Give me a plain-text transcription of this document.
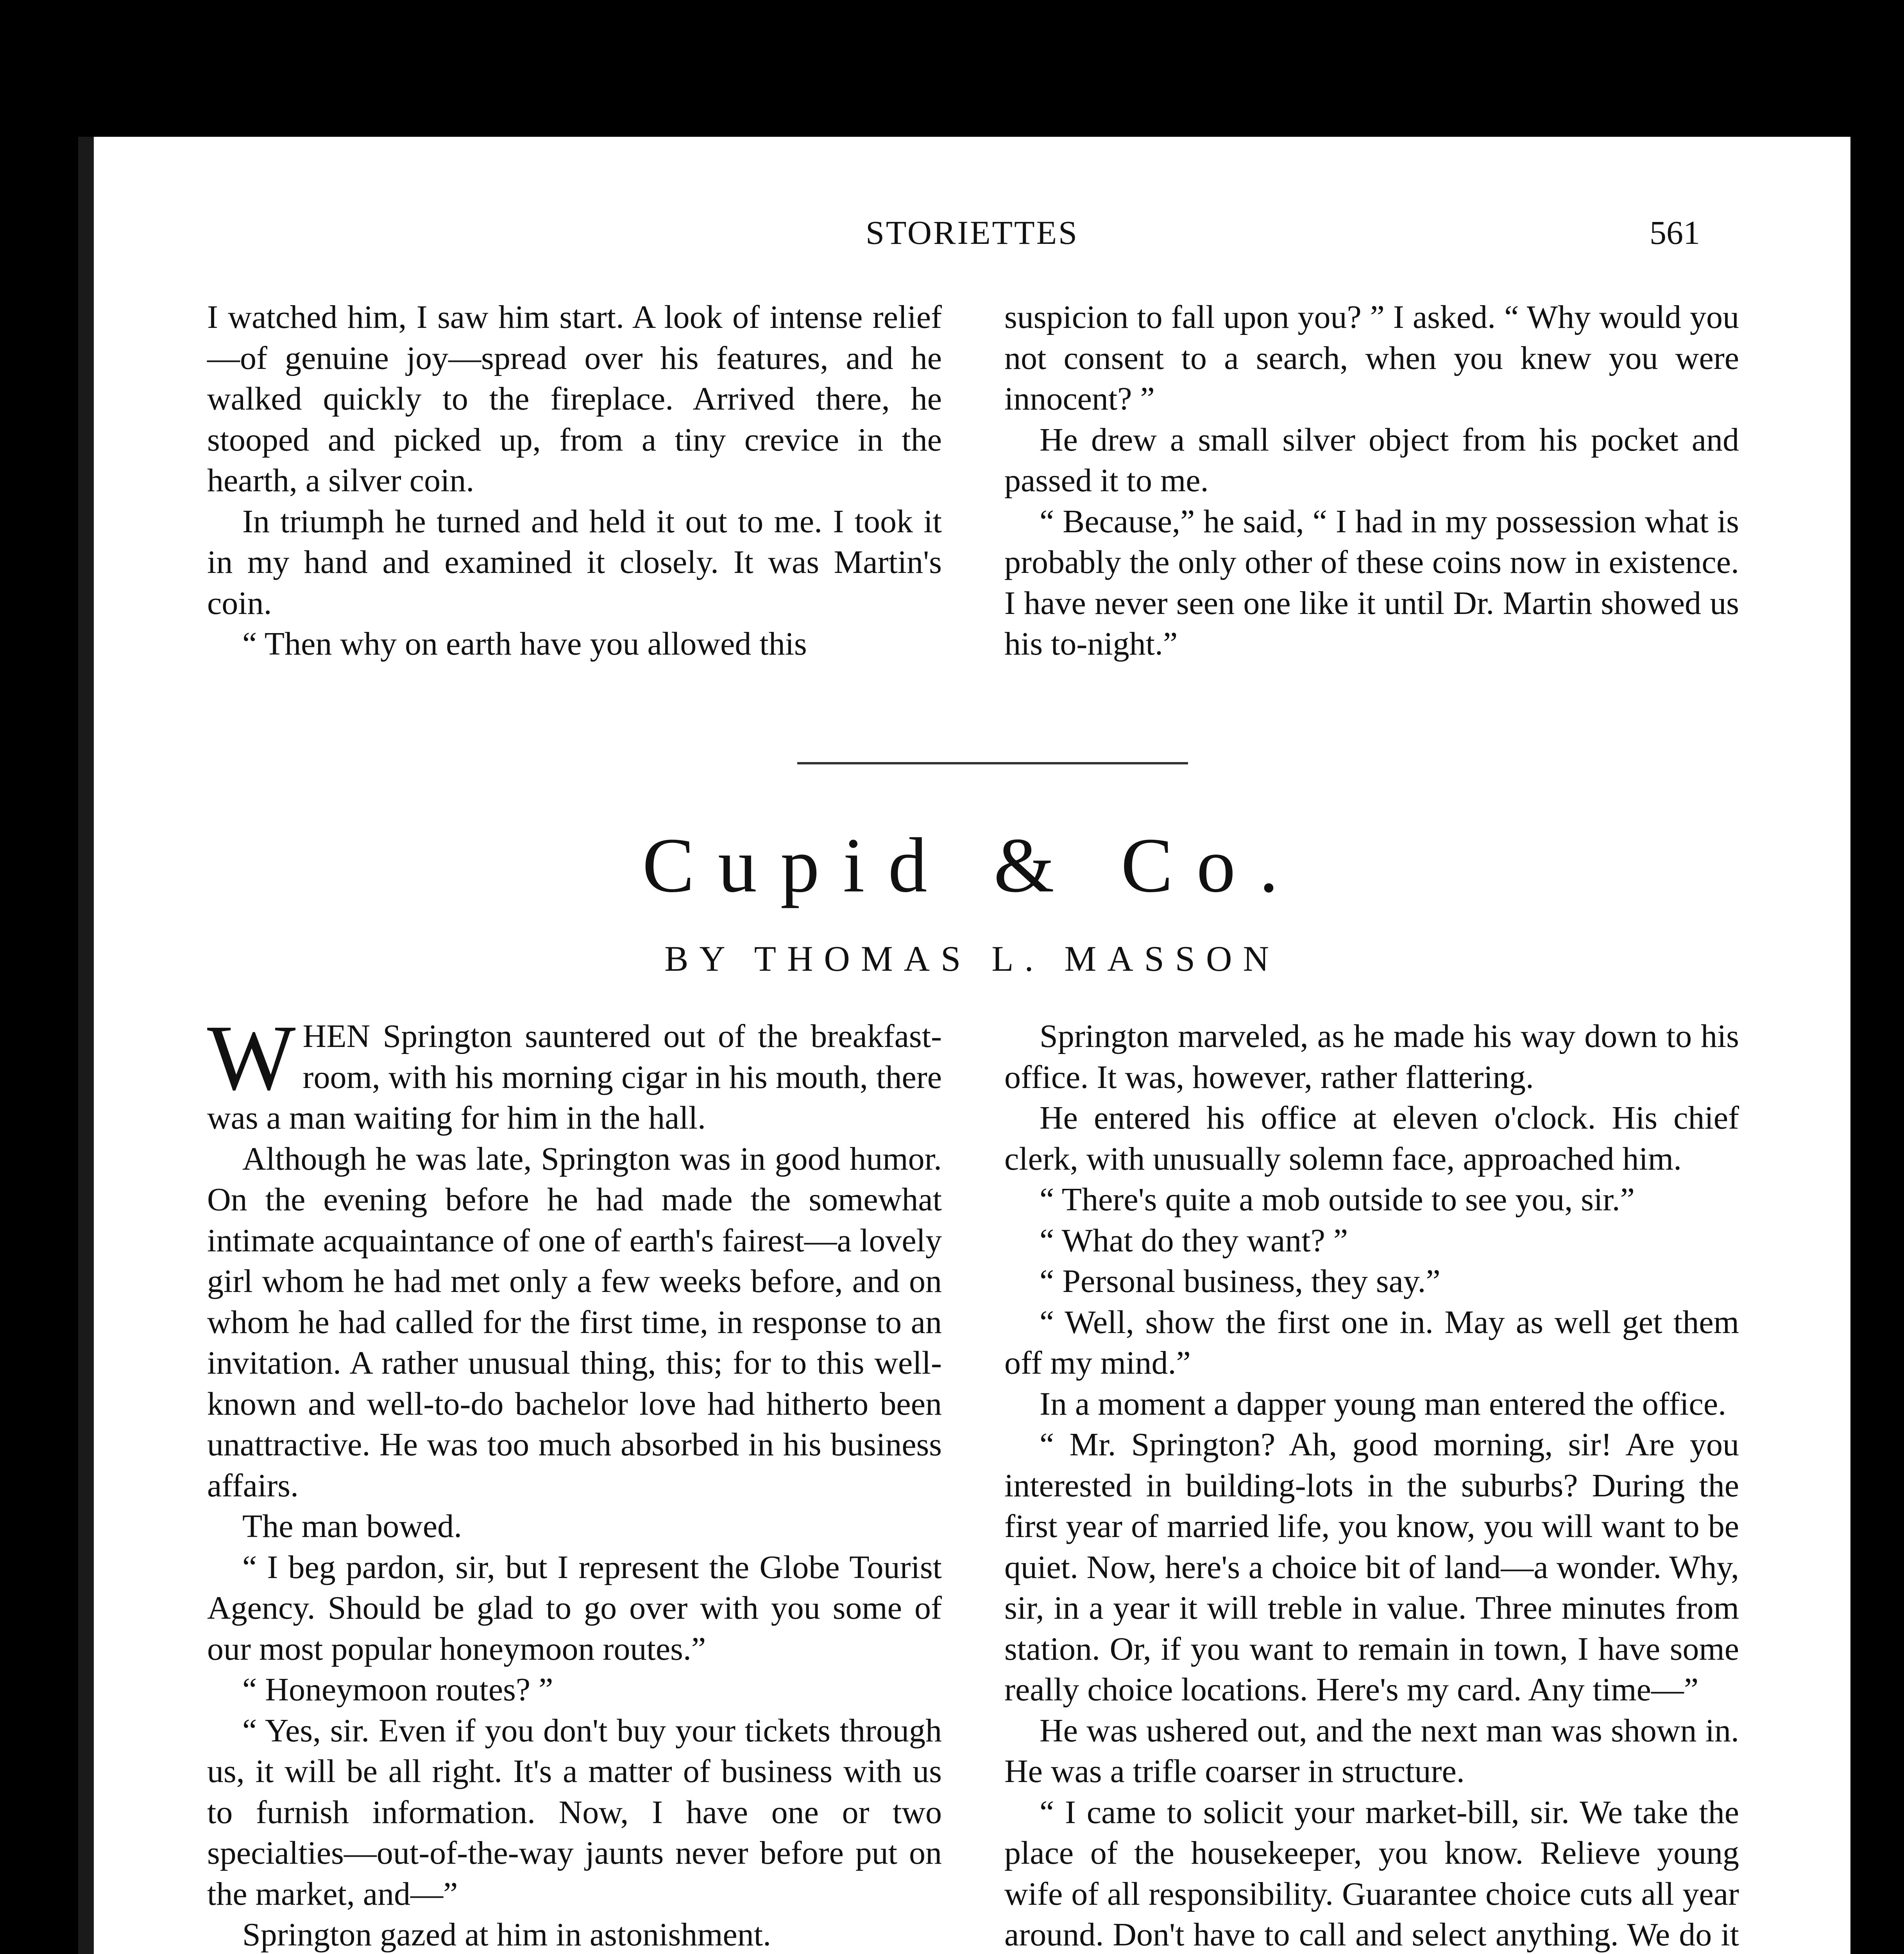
STORIETTES	561

I watched him, I saw him start. A look of intense relief—of genuine joy—spread over his features, and he walked quickly to the fireplace. Arrived there, he stooped and picked up, from a tiny crevice in the hearth, a silver coin.

In triumph he turned and held it out to me. I took it in my hand and examined it closely. It was Martin's coin.

“ Then why on earth have you allowed this

suspicion to fall upon you? ” I asked. “ Why would you not consent to a search, when you knew you were innocent? ”

He drew a small silver object from his pocket and passed it to me.

“ Because,” he said, “ I had in my possession what is probably the only other of these coins now in existence. I have never seen one like it until Dr. Martin showed us his to-night.”

Cupid & Co.
BY THOMAS L. MASSON

WHEN Springton sauntered out of the breakfast-room, with his morning cigar in his mouth, there was a man waiting for him in the hall.

Although he was late, Springton was in good humor. On the evening before he had made the somewhat intimate acquaintance of one of earth's fairest—a lovely girl whom he had met only a few weeks before, and on whom he had called for the first time, in response to an invitation. A rather unusual thing, this; for to this well-known and well-to-do bachelor love had hitherto been unattractive. He was too much absorbed in his business affairs.

The man bowed.

“ I beg pardon, sir, but I represent the Globe Tourist Agency. Should be glad to go over with you some of our most popular honeymoon routes.”

“ Honeymoon routes? ”

“ Yes, sir. Even if you don't buy your tickets through us, it will be all right. It's a matter of business with us to furnish information. Now, I have one or two specialties—out-of-the-way jaunts never before put on the market, and—”

Springton gazed at him in astonishment.

Springton marveled, as he made his way down to his office. It was, however, rather flattering.

He entered his office at eleven o'clock. His chief clerk, with unusually solemn face, approached him.

“ There's quite a mob outside to see you, sir.”

“ What do they want? ”

“ Personal business, they say.”

“ Well, show the first one in. May as well get them off my mind.”

In a moment a dapper young man entered the office.

“ Mr. Springton? Ah, good morning, sir! Are you interested in building-lots in the suburbs? During the first year of married life, you know, you will want to be quiet. Now, here's a choice bit of land—a wonder. Why, sir, in a year it will treble in value. Three minutes from station. Or, if you want to remain in town, I have some really choice locations. Here's my card. Any time—”

He was ushered out, and the next man was shown in. He was a trifle coarser in structure.

“ I came to solicit your market-bill, sir. We take the place of the housekeeper, you know. Relieve young wife of all responsibility. Guarantee choice cuts all year around. Don't have to call and select anything. We do it
